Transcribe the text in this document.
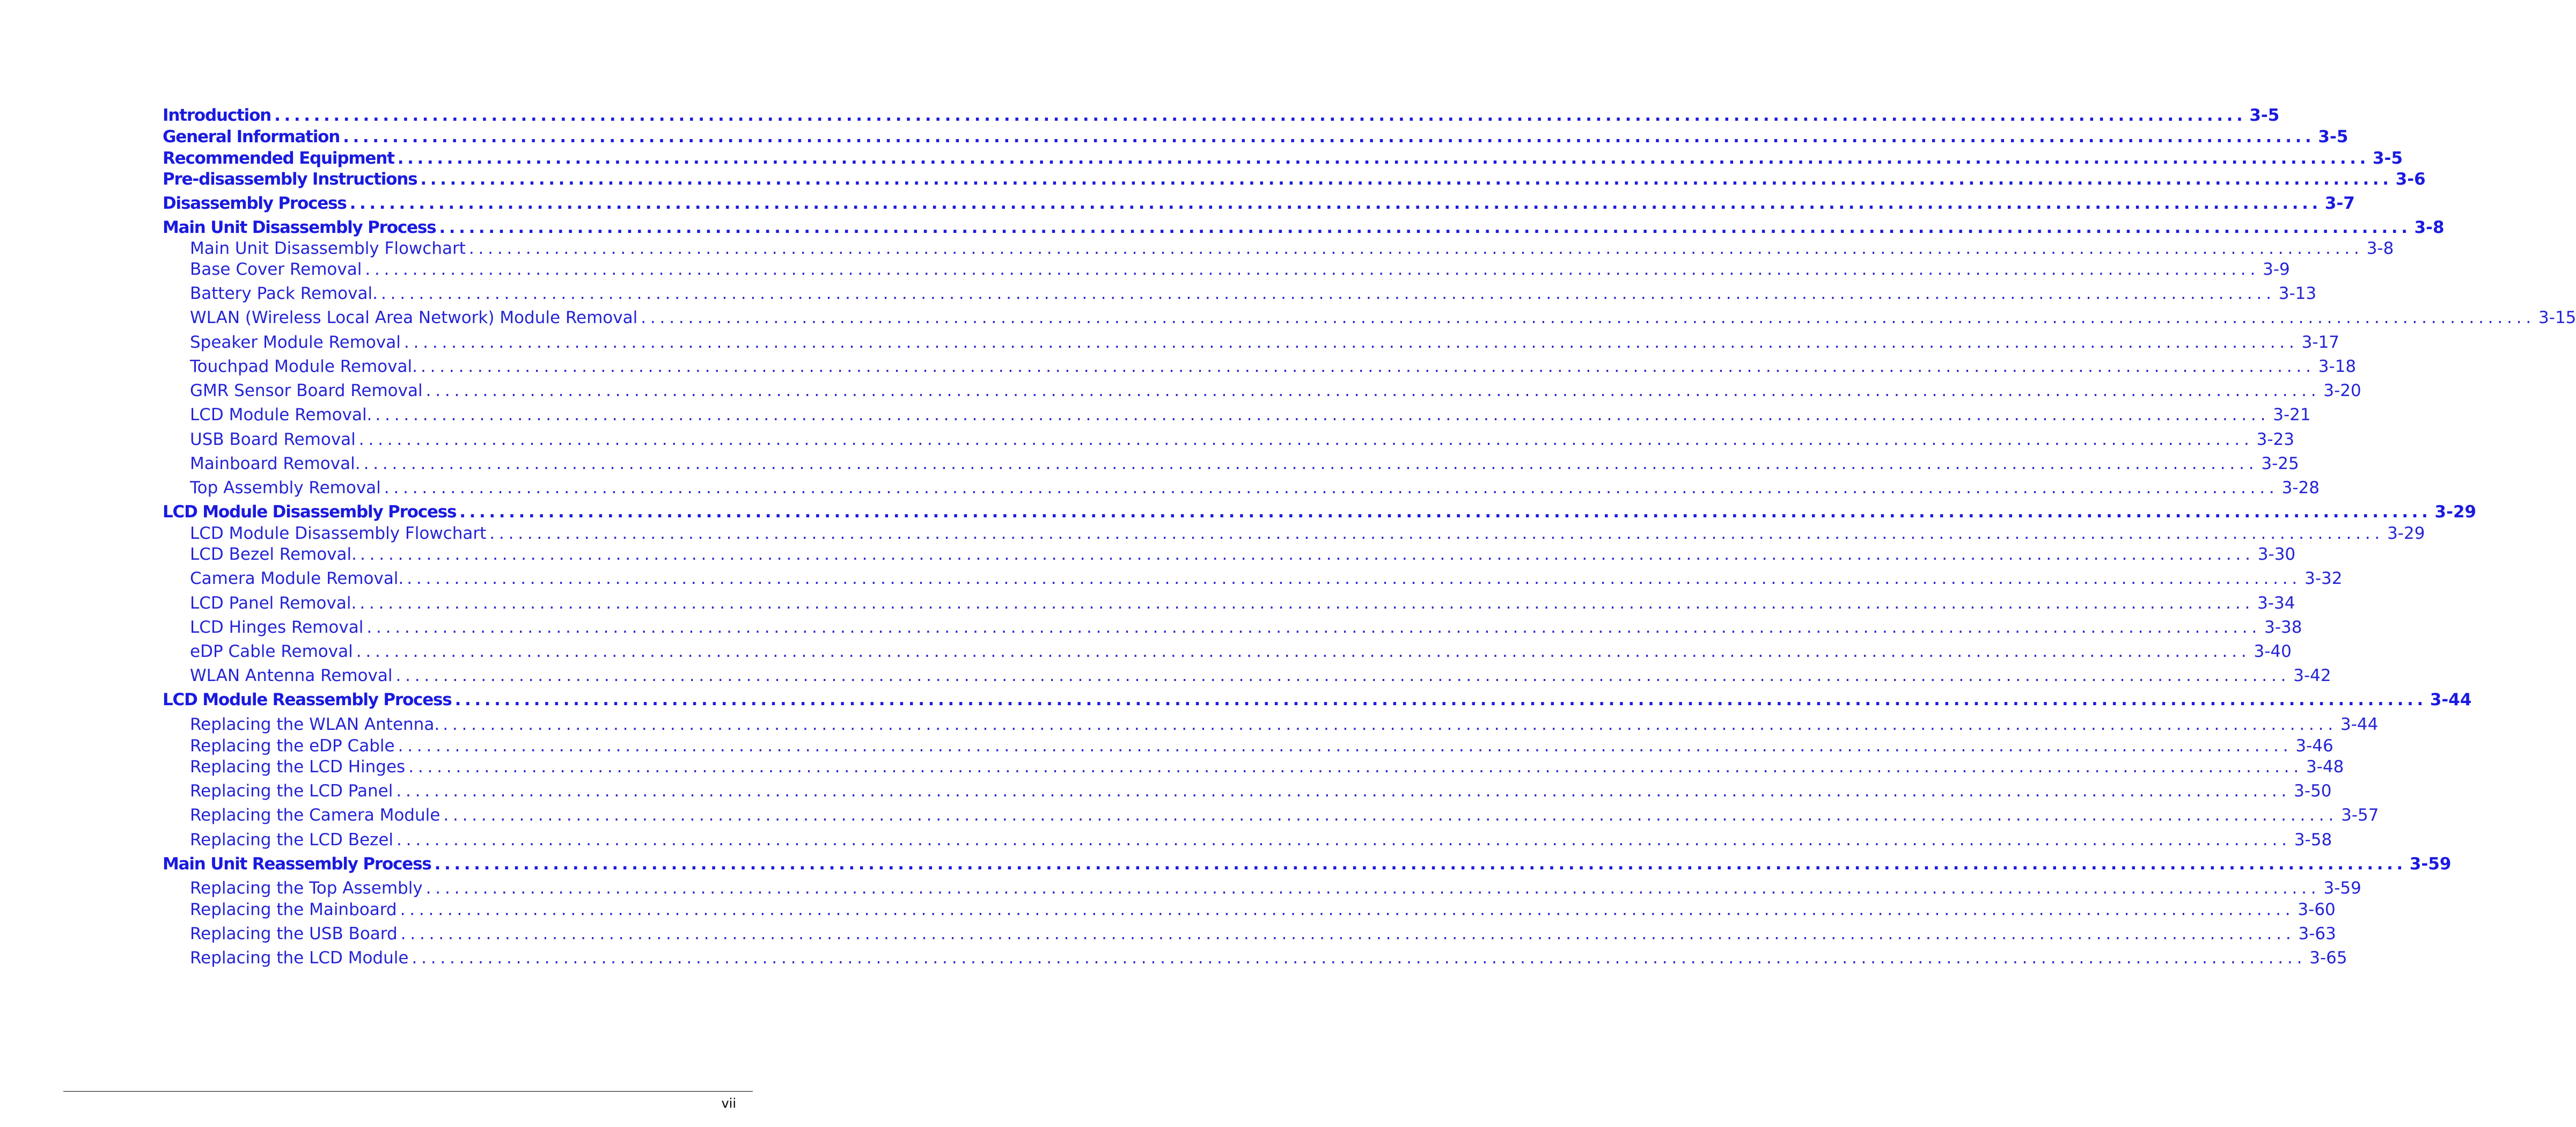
Introduction ........................................................................................................................................................................................................ 3-5
General Information ........................................................................................................................................................................................................ 3-5
Recommended Equipment ........................................................................................................................................................................................................ 3-5
Pre-disassembly Instructions ........................................................................................................................................................................................................ 3-6
Disassembly Process ........................................................................................................................................................................................................ 3-7
Main Unit Disassembly Process ........................................................................................................................................................................................................ 3-8
Main Unit Disassembly Flowchart ........................................................................................................................................................................................................ 3-8
Base Cover Removal ........................................................................................................................................................................................................ 3-9
Battery Pack Removal. ........................................................................................................................................................................................................ 3-13
WLAN (Wireless Local Area Network) Module Removal ........................................................................................................................................................................................................ 3-15
Speaker Module Removal ........................................................................................................................................................................................................ 3-17
Touchpad Module Removal. ........................................................................................................................................................................................................ 3-18
GMR Sensor Board Removal ........................................................................................................................................................................................................ 3-20
LCD Module Removal. ........................................................................................................................................................................................................ 3-21
USB Board Removal ........................................................................................................................................................................................................ 3-23
Mainboard Removal. ........................................................................................................................................................................................................ 3-25
Top Assembly Removal ........................................................................................................................................................................................................ 3-28
LCD Module Disassembly Process ........................................................................................................................................................................................................ 3-29
LCD Module Disassembly Flowchart ........................................................................................................................................................................................................ 3-29
LCD Bezel Removal. ........................................................................................................................................................................................................ 3-30
Camera Module Removal. ........................................................................................................................................................................................................ 3-32
LCD Panel Removal. ........................................................................................................................................................................................................ 3-34
LCD Hinges Removal ........................................................................................................................................................................................................ 3-38
eDP Cable Removal ........................................................................................................................................................................................................ 3-40
WLAN Antenna Removal ........................................................................................................................................................................................................ 3-42
LCD Module Reassembly Process ........................................................................................................................................................................................................ 3-44
Replacing the WLAN Antenna. ........................................................................................................................................................................................................ 3-44
Replacing the eDP Cable ........................................................................................................................................................................................................ 3-46
Replacing the LCD Hinges ........................................................................................................................................................................................................ 3-48
Replacing the LCD Panel ........................................................................................................................................................................................................ 3-50
Replacing the Camera Module ........................................................................................................................................................................................................ 3-57
Replacing the LCD Bezel ........................................................................................................................................................................................................ 3-58
Main Unit Reassembly Process ........................................................................................................................................................................................................ 3-59
Replacing the Top Assembly ........................................................................................................................................................................................................ 3-59
Replacing the Mainboard ........................................................................................................................................................................................................ 3-60
Replacing the USB Board ........................................................................................................................................................................................................ 3-63
Replacing the LCD Module ........................................................................................................................................................................................................ 3-65
vii
